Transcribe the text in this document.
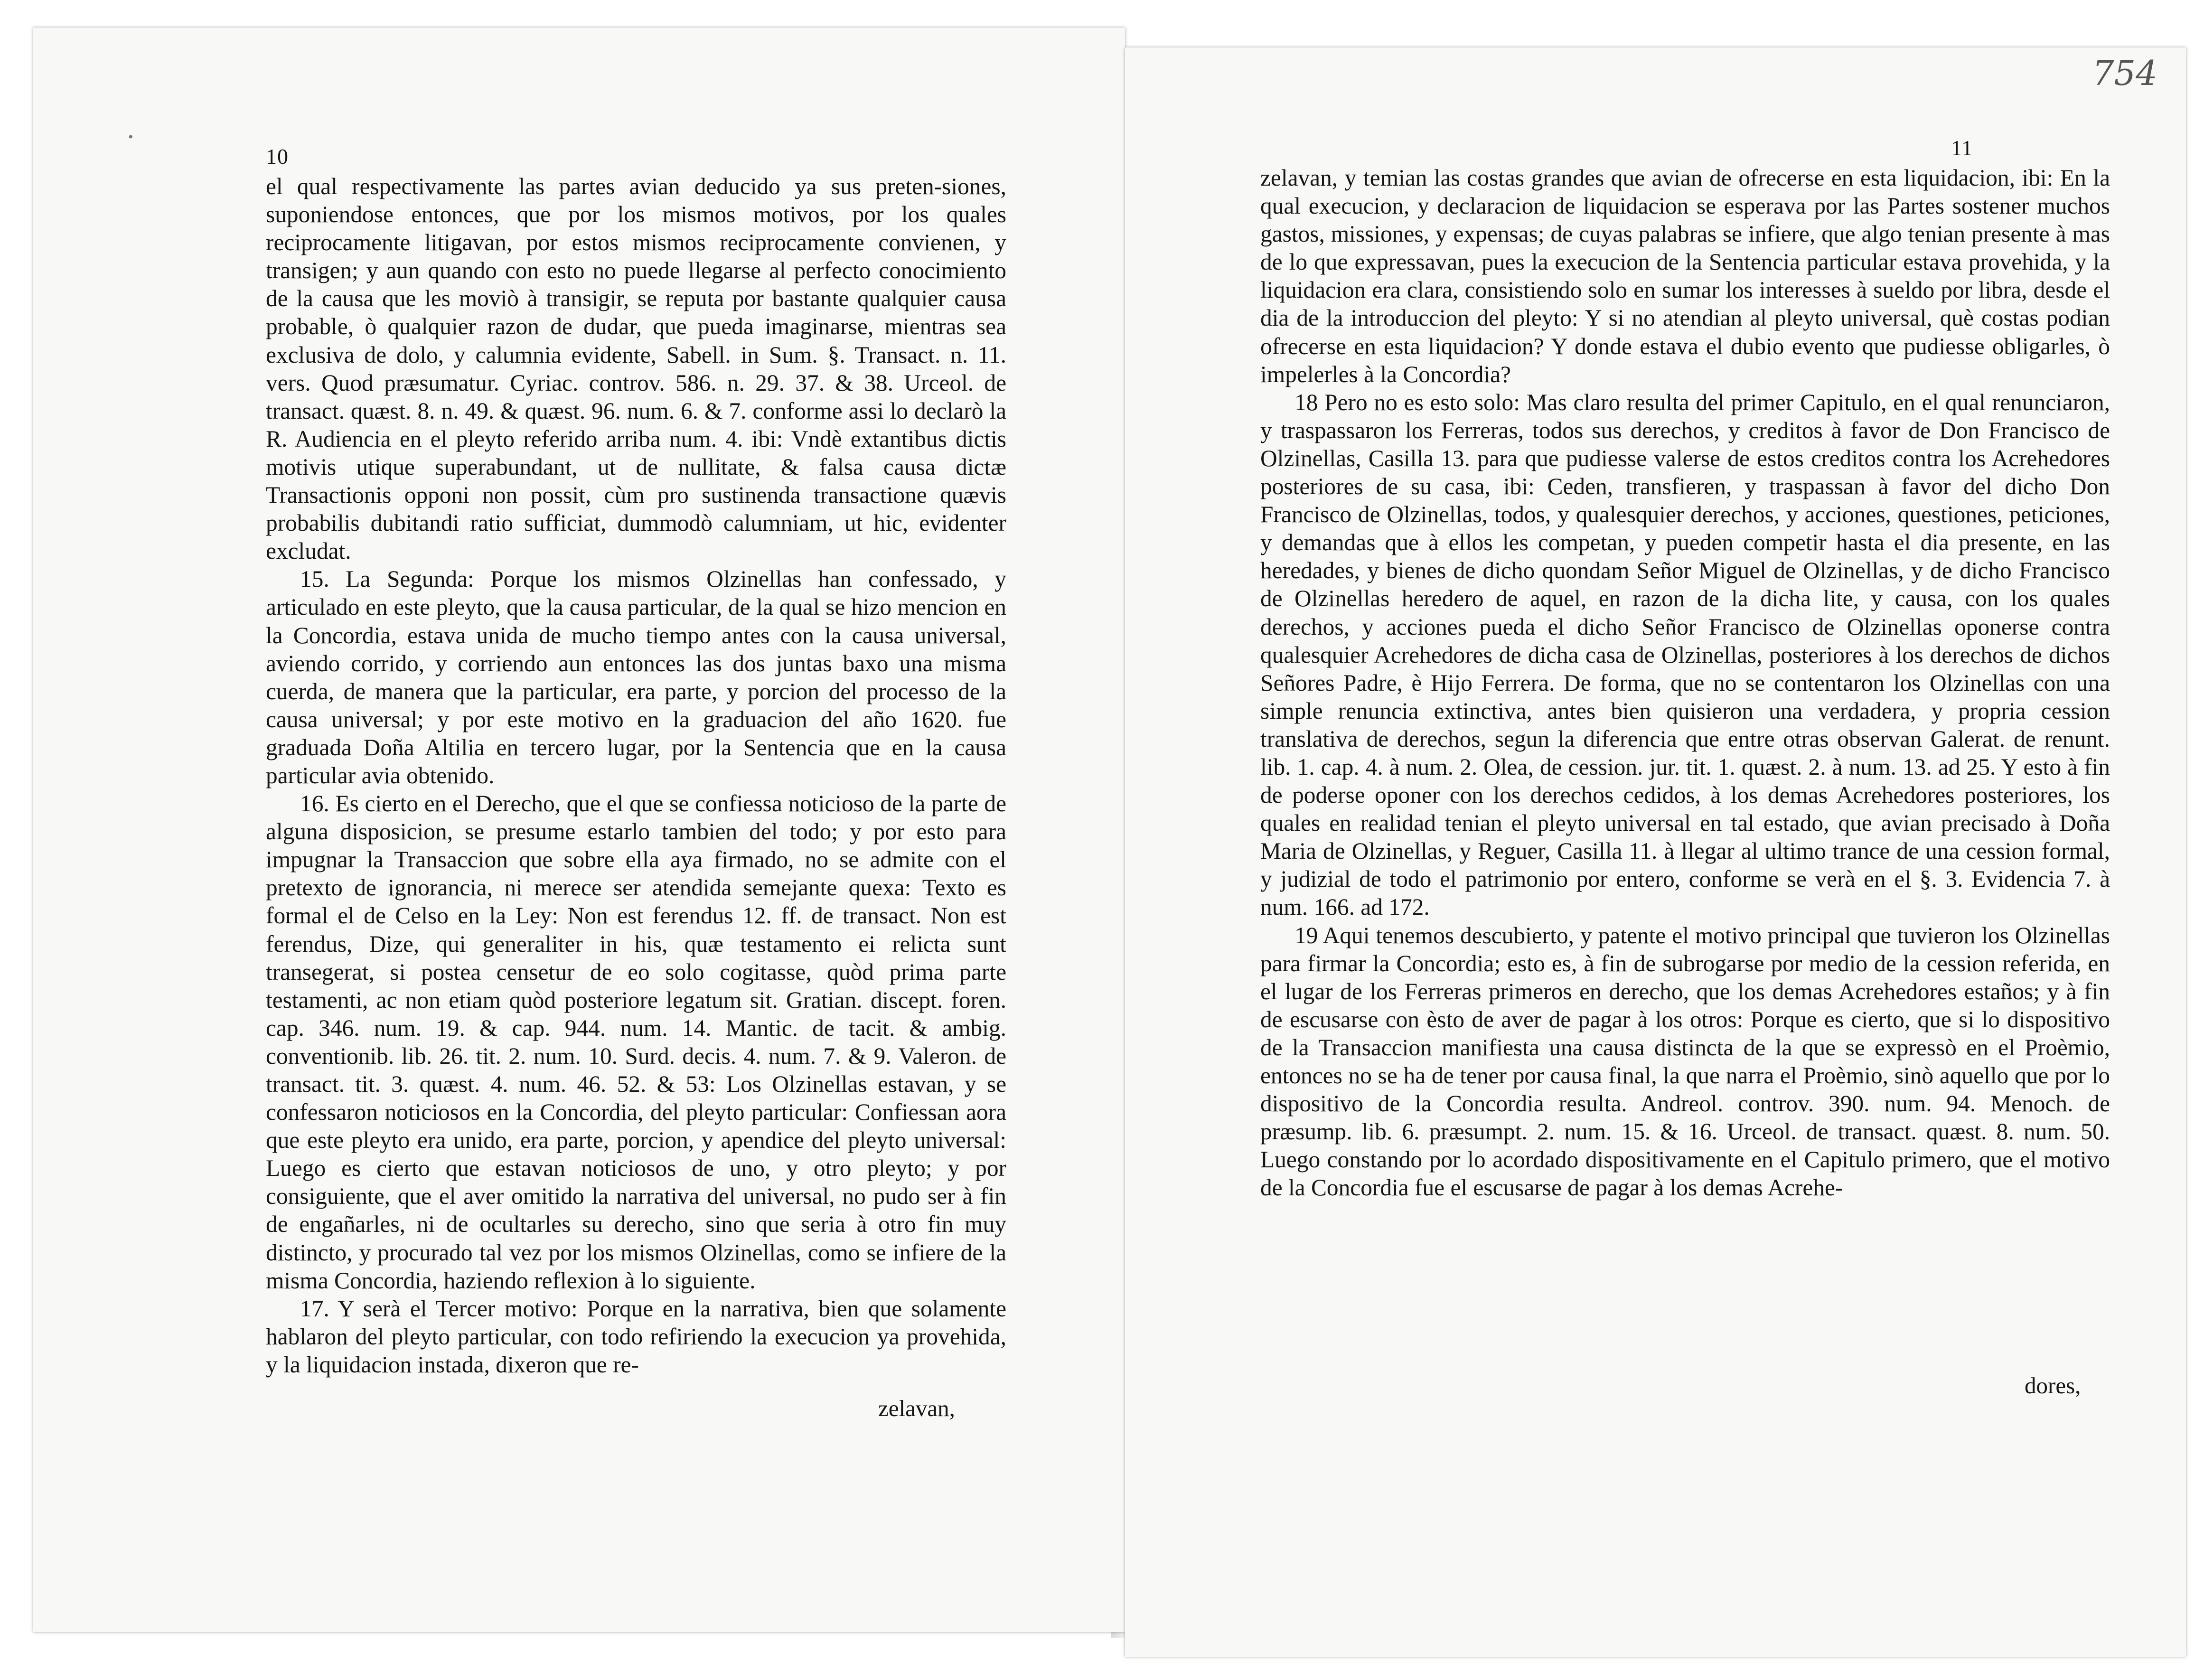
•
10

el qual respectivamente las partes avian deducido ya sus preten-siones, suponiendose entonces, que por los mismos motivos, por los quales reciprocamente litigavan, por estos mismos reciprocamente convienen, y transigen; y aun quando con esto no puede llegarse al perfecto conocimiento de la causa que les moviò à transigir, se reputa por bastante qualquier causa probable, ò qualquier razon de dudar, que pueda imaginarse, mientras sea exclusiva de dolo, y calumnia evidente, Sabell. in Sum. §. Transact. n. 11. vers. Quod præsumatur. Cyriac. controv. 586. n. 29. 37. & 38. Urceol. de transact. quæst. 8. n. 49. & quæst. 96. num. 6. & 7. conforme assi lo declarò la R. Audiencia en el pleyto referido arriba num. 4. ibi: Vndè extantibus dictis motivis utique superabundant, ut de nullitate, & falsa causa dictæ Transactionis opponi non possit, cùm pro sustinenda transactione quævis probabilis dubitandi ratio sufficiat, dummodò calumniam, ut hic, evidenter excludat.

15. La Segunda: Porque los mismos Olzinellas han confessado, y articulado en este pleyto, que la causa particular, de la qual se hizo mencion en la Concordia, estava unida de mucho tiempo antes con la causa universal, aviendo corrido, y corriendo aun entonces las dos juntas baxo una misma cuerda, de manera que la particular, era parte, y porcion del processo de la causa universal; y por este motivo en la graduacion del año 1620. fue graduada Doña Altilia en tercero lugar, por la Sentencia que en la causa particular avia obtenido.

16. Es cierto en el Derecho, que el que se confiessa noticioso de la parte de alguna disposicion, se presume estarlo tambien del todo; y por esto para impugnar la Transaccion que sobre ella aya firmado, no se admite con el pretexto de ignorancia, ni merece ser atendida semejante quexa: Texto es formal el de Celso en la Ley: Non est ferendus 12. ff. de transact. Non est ferendus, Dize, qui generaliter in his, quæ testamento ei relicta sunt transegerat, si postea censetur de eo solo cogitasse, quòd prima parte testamenti, ac non etiam quòd posteriore legatum sit. Gratian. discept. foren. cap. 346. num. 19. & cap. 944. num. 14. Mantic. de tacit. & ambig. conventionib. lib. 26. tit. 2. num. 10. Surd. decis. 4. num. 7. & 9. Valeron. de transact. tit. 3. quæst. 4. num. 46. 52. & 53: Los Olzinellas estavan, y se confessaron noticiosos en la Concordia, del pleyto particular: Confiessan aora que este pleyto era unido, era parte, porcion, y apendice del pleyto universal: Luego es cierto que estavan noticiosos de uno, y otro pleyto; y por consiguiente, que el aver omitido la narrativa del universal, no pudo ser à fin de engañarles, ni de ocultarles su derecho, sino que seria à otro fin muy distincto, y procurado tal vez por los mismos Olzinellas, como se infiere de la misma Concordia, haziendo reflexion à lo siguiente.

17. Y serà el Tercer motivo: Porque en la narrativa, bien que solamente hablaron del pleyto particular, con todo refiriendo la execucion ya provehida, y la liquidacion instada, dixeron que re-

zelavan,
754
11

zelavan, y temian las costas grandes que avian de ofrecerse en esta liquidacion, ibi: En la qual execucion, y declaracion de liquidacion se esperava por las Partes sostener muchos gastos, missiones, y expensas; de cuyas palabras se infiere, que algo tenian presente à mas de lo que expressavan, pues la execucion de la Sentencia particular estava provehida, y la liquidacion era clara, consistiendo solo en sumar los interesses à sueldo por libra, desde el dia de la introduccion del pleyto: Y si no atendian al pleyto universal, què costas podian ofrecerse en esta liquidacion? Y donde estava el dubio evento que pudiesse obligarles, ò impelerles à la Concordia?

18 Pero no es esto solo: Mas claro resulta del primer Capitulo, en el qual renunciaron, y traspassaron los Ferreras, todos sus derechos, y creditos à favor de Don Francisco de Olzinellas, Casilla 13. para que pudiesse valerse de estos creditos contra los Acrehedores posteriores de su casa, ibi: Ceden, transfieren, y traspassan à favor del dicho Don Francisco de Olzinellas, todos, y qualesquier derechos, y acciones, questiones, peticiones, y demandas que à ellos les competan, y pueden competir hasta el dia presente, en las heredades, y bienes de dicho quondam Señor Miguel de Olzinellas, y de dicho Francisco de Olzinellas heredero de aquel, en razon de la dicha lite, y causa, con los quales derechos, y acciones pueda el dicho Señor Francisco de Olzinellas oponerse contra qualesquier Acrehedores de dicha casa de Olzinellas, posteriores à los derechos de dichos Señores Padre, è Hijo Ferrera. De forma, que no se contentaron los Olzinellas con una simple renuncia extinctiva, antes bien quisieron una verdadera, y propria cession translativa de derechos, segun la diferencia que entre otras observan Galerat. de renunt. lib. 1. cap. 4. à num. 2. Olea, de cession. jur. tit. 1. quæst. 2. à num. 13. ad 25. Y esto à fin de poderse oponer con los derechos cedidos, à los demas Acrehedores posteriores, los quales en realidad tenian el pleyto universal en tal estado, que avian precisado à Doña Maria de Olzinellas, y Reguer, Casilla 11. à llegar al ultimo trance de una cession formal, y judizial de todo el patrimonio por entero, conforme se verà en el §. 3. Evidencia 7. à num. 166. ad 172.

19 Aqui tenemos descubierto, y patente el motivo principal que tuvieron los Olzinellas para firmar la Concordia; esto es, à fin de subrogarse por medio de la cession referida, en el lugar de los Ferreras primeros en derecho, que los demas Acrehedores estaños; y à fin de escusarse con èsto de aver de pagar à los otros: Porque es cierto, que si lo dispositivo de la Transaccion manifiesta una causa distincta de la que se expressò en el Proèmio, entonces no se ha de tener por causa final, la que narra el Proèmio, sinò aquello que por lo dispositivo de la Concordia resulta. Andreol. controv. 390. num. 94. Menoch. de præsump. lib. 6. præsumpt. 2. num. 15. & 16. Urceol. de transact. quæst. 8. num. 50. Luego constando por lo acordado dispositivamente en el Capitulo primero, que el motivo de la Concordia fue el escusarse de pagar à los demas Acrehe-

dores,
